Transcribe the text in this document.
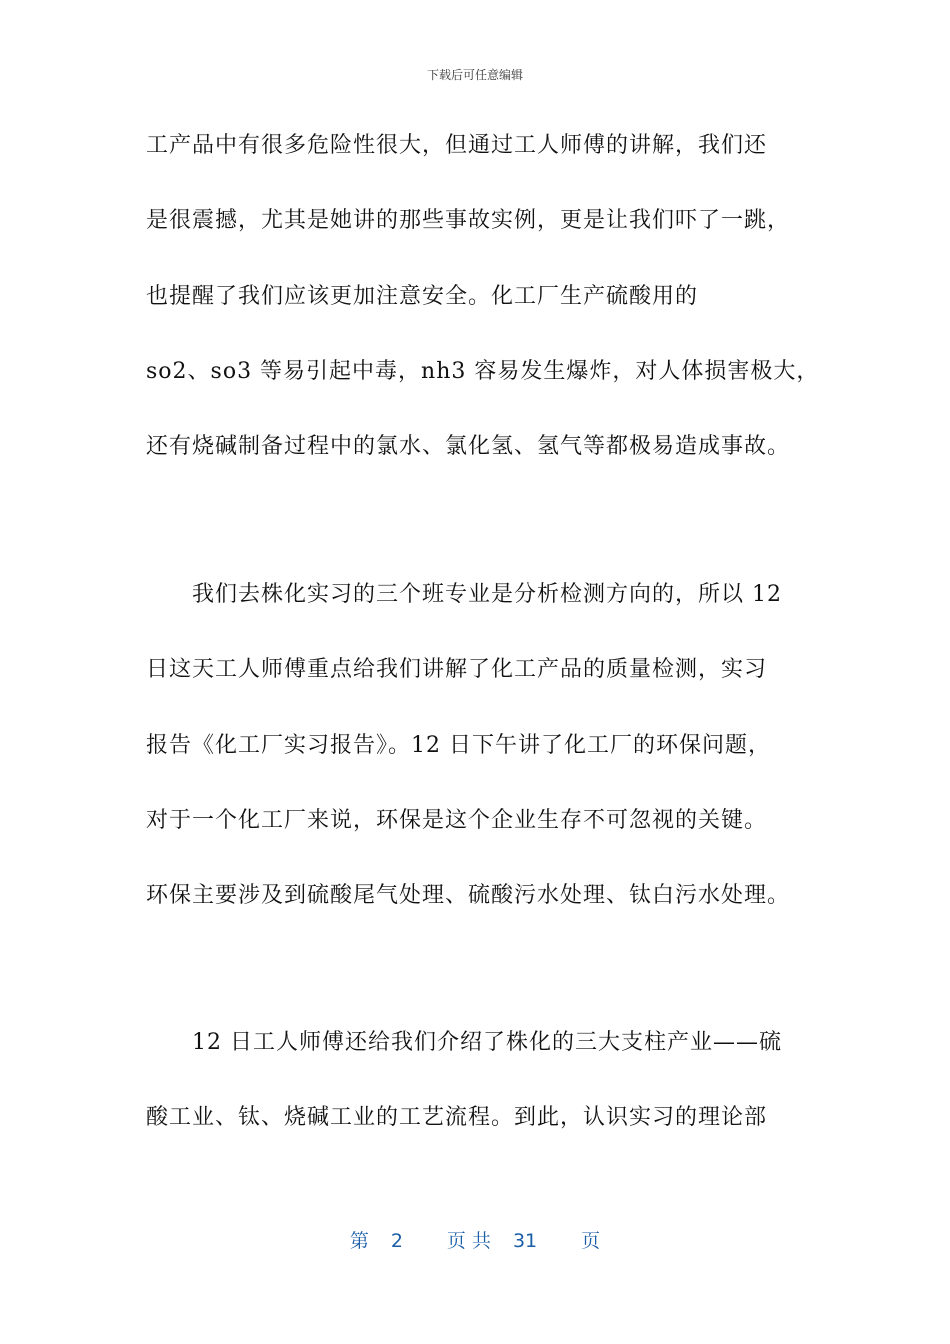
下载后可任意编辑
工产品中有很多危险性很大，但通过工人师傅的讲解，我们还
是很震撼，尤其是她讲的那些事故实例，更是让我们吓了一跳，
也提醒了我们应该更加注意安全。化工厂生产硫酸用的
so2、so3 等易引起中毒，nh3 容易发生爆炸，对人体损害极大，
还有烧碱制备过程中的氯水、氯化氢、氢气等都极易造成事故。
我们去株化实习的三个班专业是分析检测方向的，所以 12
日这天工人师傅重点给我们讲解了化工产品的质量检测，实习
报告《化工厂实习报告》。12 日下午讲了化工厂的环保问题，
对于一个化工厂来说，环保是这个企业生存不可忽视的关键。
环保主要涉及到硫酸尾气处理、硫酸污水处理、钛白污水处理。
12 日工人师傅还给我们介绍了株化的三大支柱产业——硫
酸工业、钛、烧碱工业的工艺流程。到此，认识实习的理论部
第 2 页 共 31 页
